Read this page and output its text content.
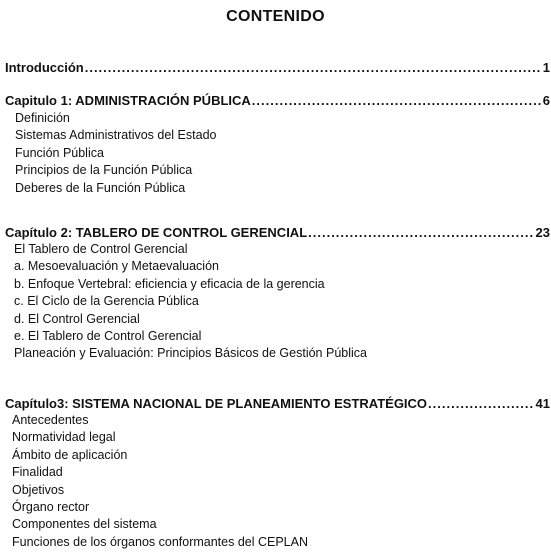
CONTENIDO
Introducción .....	1
Capitulo 1: ADMINISTRACIÓN PÚBLICA .....	6
Definición
Sistemas Administrativos del Estado
Función Pública
Principios de la Función Pública
Deberes de la Función Pública
Capítulo 2: TABLERO DE CONTROL GERENCIAL .....	23
El Tablero de Control Gerencial
a. Mesoevaluación y Metaevaluación
b. Enfoque Vertebral: eficiencia y eficacia de la gerencia
c. El Ciclo de la Gerencia Pública
d. El Control Gerencial
e. El Tablero de Control Gerencial
Planeación y Evaluación: Principios Básicos de Gestión Pública
Capítulo3: SISTEMA NACIONAL DE PLANEAMIENTO ESTRATÉGICO .....	41
Antecedentes
Normatividad legal
Ámbito de aplicación
Finalidad
Objetivos
Órgano rector
Componentes del sistema
Funciones de los órganos conformantes del CEPLAN
